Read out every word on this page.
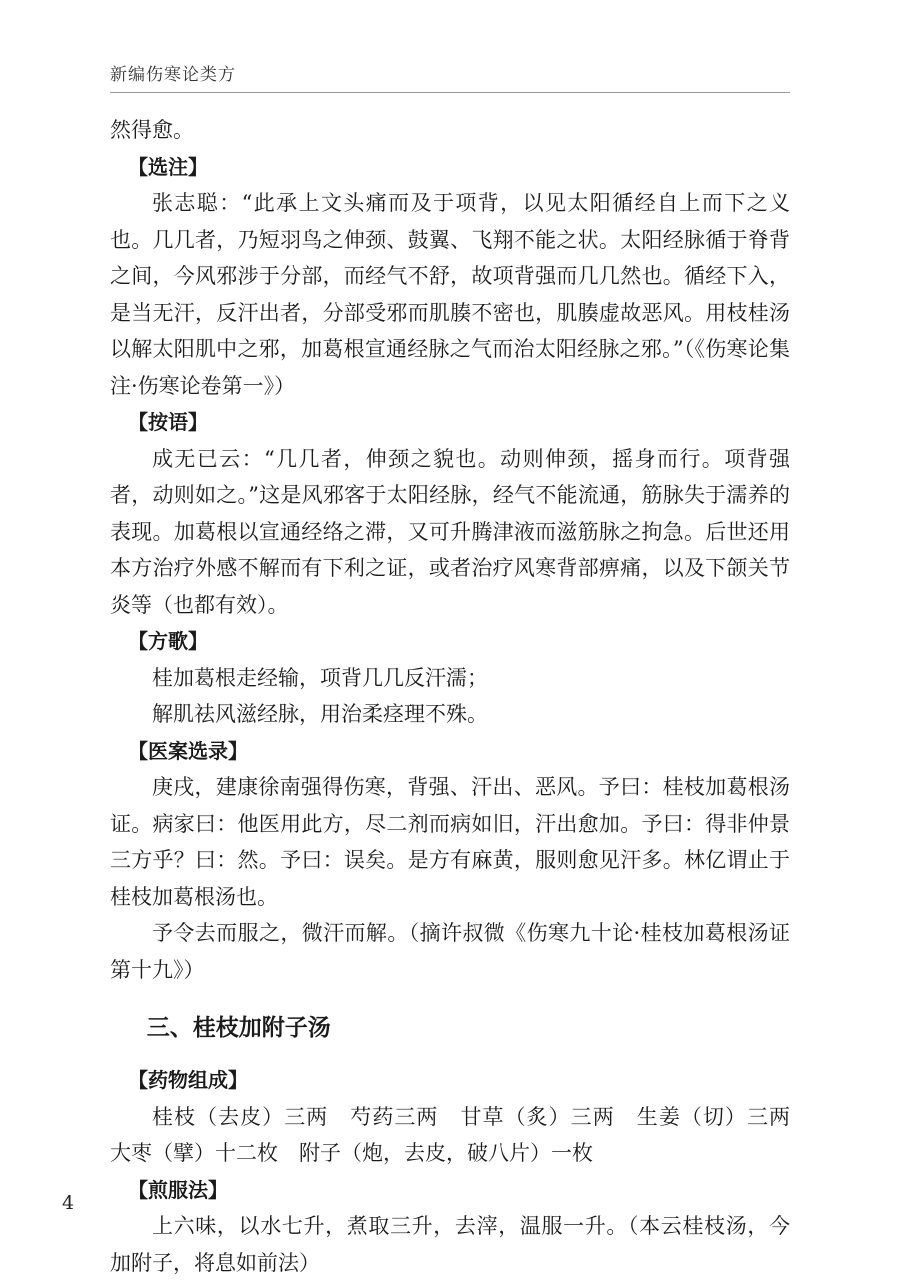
新编伤寒论类方

然得愈。

【选注】

张志聪：“此承上文头痛而及于项背，以见太阳循经自上而下之义也。几几者，乃短羽鸟之伸颈、鼓翼、飞翔不能之状。太阳经脉循于脊背之间，今风邪涉于分部，而经气不舒，故项背强而几几然也。循经下入，是当无汗，反汗出者，分部受邪而肌腠不密也，肌腠虚故恶风。用枝桂汤以解太阳肌中之邪，加葛根宣通经脉之气而治太阳经脉之邪。”（《伤寒论集注·伤寒论卷第一》）

【按语】

成无已云：“几几者，伸颈之貌也。动则伸颈，摇身而行。项背强者，动则如之。”这是风邪客于太阳经脉，经气不能流通，筋脉失于濡养的表现。加葛根以宣通经络之滞，又可升腾津液而滋筋脉之拘急。后世还用本方治疗外感不解而有下利之证，或者治疗风寒背部痹痛，以及下颌关节炎等（也都有效）。

【方歌】

桂加葛根走经输，项背几几反汗濡；

解肌祛风滋经脉，用治柔痉理不殊。

【医案选录】

庚戌，建康徐南强得伤寒，背强、汗出、恶风。予曰：桂枝加葛根汤证。病家曰：他医用此方，尽二剂而病如旧，汗出愈加。予曰：得非仲景三方乎？曰：然。予曰：误矣。是方有麻黄，服则愈见汗多。林亿谓止于桂枝加葛根汤也。

予令去而服之，微汗而解。（摘许叔微《伤寒九十论·桂枝加葛根汤证第十九》）

三、桂枝加附子汤

【药物组成】

桂枝（去皮）三两　芍药三两　甘草（炙）三两　生姜（切）三两　大枣（擘）十二枚　附子（炮，去皮，破八片）一枚

【煎服法】

上六味，以水七升，煮取三升，去滓，温服一升。（本云桂枝汤，今加附子，将息如前法）

4
